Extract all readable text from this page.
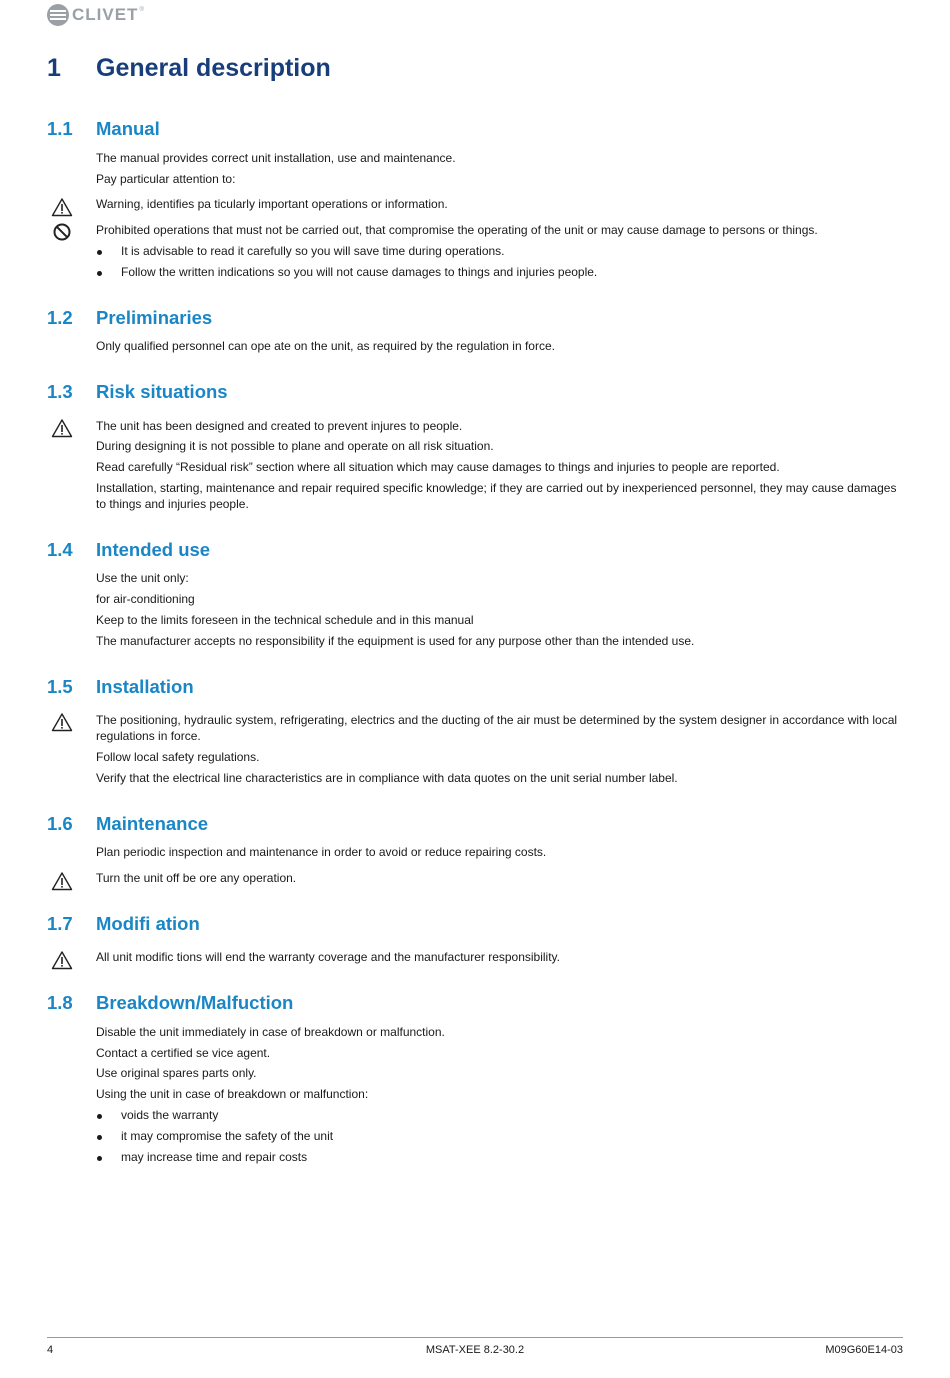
CLIVET ®
1 General description
1.1 Manual
The manual provides correct unit installation, use and maintenance.
Pay particular attention to:
Warning, identifies pa ticularly important operations or information.
Prohibited operations that must not be carried out, that compromise the operating of the unit or may cause damage to persons or things.
It is advisable to read it carefully so you will save time during operations.
Follow the written indications so you will not cause damages to things and injuries people.
1.2 Preliminaries
Only qualified personnel can ope ate on the unit, as required by the regulation in force.
1.3 Risk situations
The unit has been designed and created to prevent injures to people.
During designing it is not possible to plane and operate on all risk situation.
Read carefully “Residual risk” section where all situation which may cause damages to things and injuries to people are reported.
Installation, starting, maintenance and repair required specific knowledge; if they are carried out by inexperienced personnel, they may cause damages to things and injuries people.
1.4 Intended use
Use the unit only:
for air-conditioning
Keep to the limits foreseen in the technical schedule and in this manual
The manufacturer accepts no responsibility if the equipment is used for any purpose other than the intended use.
1.5 Installation
The positioning, hydraulic system, refrigerating, electrics and the ducting of the air must be determined by the system designer in accordance with local regulations in force.
Follow local safety regulations.
Verify that the electrical line characteristics are in compliance with data quotes on the unit serial number label.
1.6 Maintenance
Plan periodic inspection and maintenance in order to avoid or reduce repairing costs.
Turn the unit off be ore any operation.
1.7 Modifi ation
All unit modific tions will end the warranty coverage and the manufacturer responsibility.
1.8 Breakdown/Malfuction
Disable the unit immediately in case of breakdown or malfunction.
Contact a certified se vice agent.
Use original spares parts only.
Using the unit in case of breakdown or malfunction:
voids the warranty
it may compromise the safety of the unit
may increase time and repair costs
4	MSAT-XEE 8.2-30.2	M09G60E14-03
